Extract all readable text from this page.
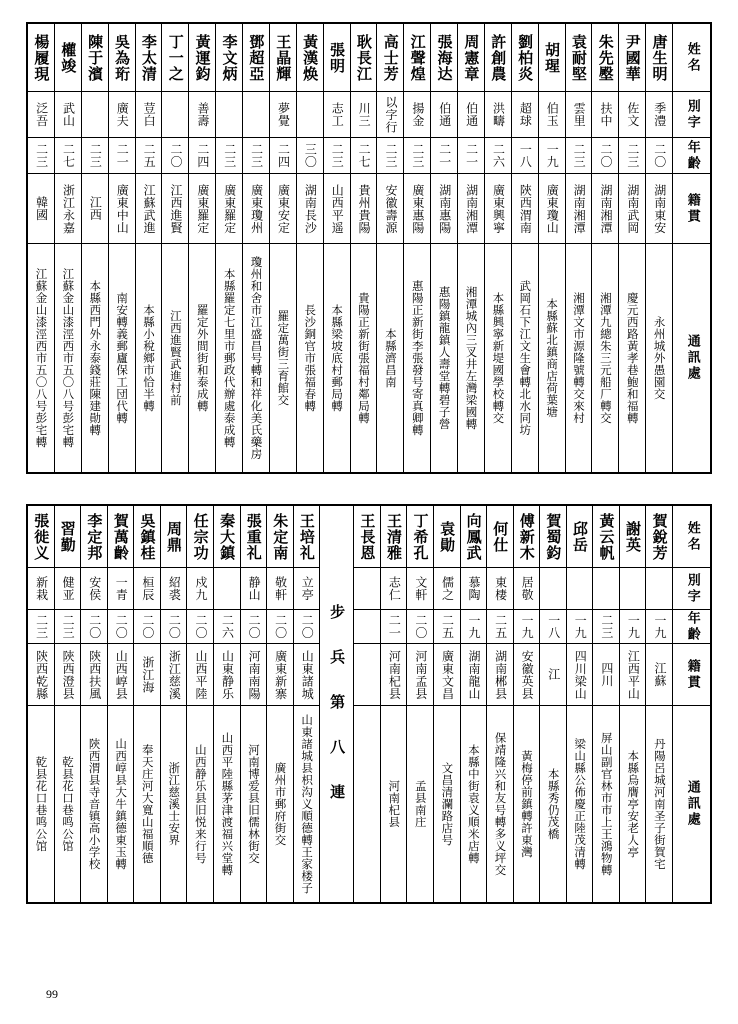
姓名
別字
年齡
籍貫
通訊處
唐生明
季澧
二〇
湖南東安
永州城外愚園交
尹國華
佐文
二三
湖南武岡
慶元西路黃孝巷鮑和福轉
朱先壂
扶中
二〇
湖南湘潭
湘潭九總朱三元船厂轉交
袁耐堅
雲里
二三
湖南湘潭
湘潭文市源隆號轉交來村
胡瑆
伯玉
一九
廣東瓊山
本縣蘇北鎮商店荷葉塘
劉柏炎
超球
一八
陝西渭南
武岡石下江文生會轉北水同坊
許創農
洪疇
二六
廣東興寧
本縣興寧新堤國學校轉交
周憲章
伯通
二一
湖南湘潭
湘潭城內三叉井左灣梁國轉
張海达
伯通
二一
湖南惠陽
惠陽鎮龍鎮人壽堂轉碧子營
江聲煌
揚金
二三
廣東惠陽
惠陽正新街李張發号寄真卿轉
高士芳
以字行
二三
安徽壽源
本縣濟昌南
耿長江
川三
二七
貴州貴陽
貴陽正新街張福村鄰局轉
張明
志工
二三
山西平遥
本縣梁坡底村郵局轉
黃漢焕
三〇
湖南長沙
長沙銅官市張福春轉
王晶輝
夢覺
二四
廣東安定
羅定萬街三育館交
鄧超亞
二三
廣東瓊州
瓊州和舍市江盛昌号轉和祥化美氏藥房
李文炳
二三
廣東羅定
本縣羅定七里市郵政代辦處泰成轉
黃運鈞
善壽
二四
廣東羅定
羅定外間街和泰成轉
丁一之
二〇
江西進賢
江西進賢武進村前
李太清
荳白
二五
江蘇武進
本縣小稅鄉市恰半轉
吳為珩
廣夫
二一
廣東中山
南安轉義郵廬保工団代轉
陳于濱
二三
江西
本縣西門外永泰錢莊陳建勛轉
權竣
武山
二七
浙江永嘉
江蘇金山漆涇西市五〇八号彭宅轉
楊履現
泛吾
二三
韓國
江蘇金山漆涇西市五〇八号彭宅轉
姓名
別字
年齡
籍貫
通訊處
賀銳芳
一九
江蘇
丹陽呂城河南圣子街賀宅
謝英
一九
江西平山
本縣烏膺亭安老人亭
黃云帆
二三
四川
屏山副官林市市上王鴻物轉
邱岳
一九
四川梁山
梁山縣公佈慶正陸茂清轉
賀蜀鈞
一八
江
本縣秀仍茂橋
傅新木
居敬
一九
安徽英县
黃梅停前鎮轉許東灣
何仕
東棲
二五
湖南郴县
保靖隆兴和友号轉多义坪交
向鳳武
慕陶
一九
湖南龍山
本縣中街袁义順米店轉
袁勛
儒之
二五
廣東文昌
文昌清瀾路店号
丁希孔
文軒
二〇
河南孟县
孟县南庄
王清雅
志仁
二一
河南杞县
河南杞县
王長恩
步 兵 第 八 連
王培礼
立亭
二〇
山東諸城
山東諸城县枳沟义順德轉王家楼子
朱定南
敬軒
二〇
廣東新寨
廣州市郵府街交
張重礼
静山
二〇
河南南陽
河南博爱县旧儒林街交
秦大鎮
二六
山東静乐
山西平陸縣茅津渡福兴堂轉
任宗功
戍九
二〇
山西平陸
山西静乐县旧悦来行号
周鼎
紹裘
二〇
浙江慈溪
浙江慈溪士安界
吳鎮桂
桓辰
二〇
浙江海
奉天庄河大寬山福順德
賀萬齡
一青
二〇
山西崞县
山西崞县大牛鎮德東玉轉
李定邦
安侯
二〇
陝西扶風
陝西渭县寺音镇高小学校
習勤
健亚
二三
陝西澄县
乾县花口巷鸣公馆
張徙义
新栽
二三
陝西乾縣
乾县花口巷鸣公馆
99
